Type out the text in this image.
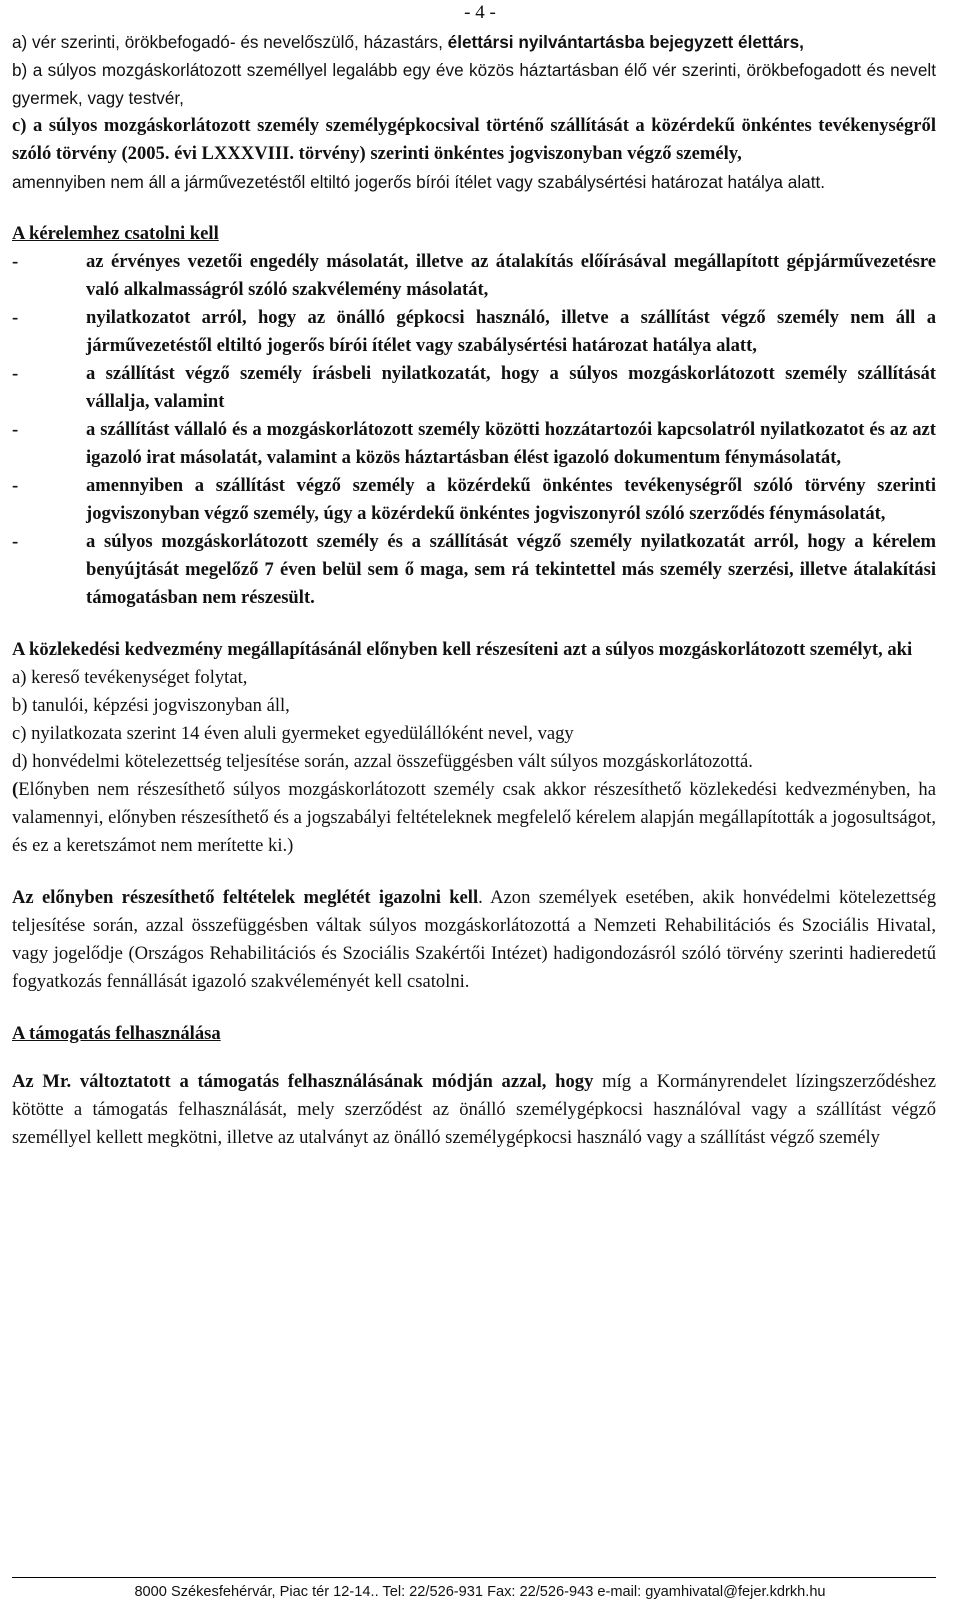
- 4 -

a) vér szerinti, örökbefogadó- és nevelőszülő, házastárs, élettársi nyilvántartásba bejegyzett élettárs,

b) a súlyos mozgáskorlátozott személlyel legalább egy éve közös háztartásban élő vér szerinti, örökbefogadott és nevelt gyermek, vagy testvér,

c) a súlyos mozgáskorlátozott személy személygépkocsival történő szállítását a közérdekű önkéntes tevékenységről szóló törvény (2005. évi LXXXVIII. törvény) szerinti önkéntes jogviszonyban végző személy,

amennyiben nem áll a járművezetéstől eltiltó jogerős bírói ítélet vagy szabálysértési határozat hatálya alatt.

A kérelemhez csatolni kell

-	az érvényes vezetői engedély másolatát, illetve az átalakítás előírásával megállapított gépjárművezetésre való alkalmasságról szóló szakvélemény másolatát,
-	nyilatkozatot arról, hogy az önálló gépkocsi használó, illetve a szállítást végző személy nem áll a járművezetéstől eltiltó jogerős bírói ítélet vagy szabálysértési határozat hatálya alatt,
-	a szállítást végző személy írásbeli nyilatkozatát, hogy a súlyos mozgáskorlátozott személy szállítását vállalja, valamint
-	a szállítást vállaló és a mozgáskorlátozott személy közötti hozzátartozói kapcsolatról nyilatkozatot és az azt igazoló irat másolatát, valamint a közös háztartásban élést igazoló dokumentum fénymásolatát,
-	amennyiben a szállítást végző személy a közérdekű önkéntes tevékenységről szóló törvény szerinti jogviszonyban végző személy, úgy a közérdekű önkéntes jogviszonyról szóló szerződés fénymásolatát,
-	a súlyos mozgáskorlátozott személy és a szállítását végző személy nyilatkozatát arról, hogy a kérelem benyújtását megelőző 7 éven belül sem ő maga, sem rá tekintettel más személy szerzési, illetve átalakítási támogatásban nem részesült.

A közlekedési kedvezmény megállapításánál előnyben kell részesíteni azt a súlyos mozgáskorlátozott személyt, aki

a) kereső tevékenységet folytat,

b) tanulói, képzési jogviszonyban áll,

c) nyilatkozata szerint 14 éven aluli gyermeket egyedülállóként nevel, vagy

d) honvédelmi kötelezettség teljesítése során, azzal összefüggésben vált súlyos mozgáskorlátozottá.

(Előnyben nem részesíthető súlyos mozgáskorlátozott személy csak akkor részesíthető közlekedési kedvezményben, ha valamennyi, előnyben részesíthető és a jogszabályi feltételeknek megfelelő kérelem alapján megállapították a jogosultságot, és ez a keretszámot nem merítette ki.)

Az előnyben részesíthető feltételek meglétét igazolni kell. Azon személyek esetében, akik honvédelmi kötelezettség teljesítése során, azzal összefüggésben váltak súlyos mozgáskorlátozottá a Nemzeti Rehabilitációs és Szociális Hivatal, vagy jogelődje (Országos Rehabilitációs és Szociális Szakértői Intézet) hadigondozásról szóló törvény szerinti hadieredetű fogyatkozás fennállását igazoló szakvéleményét kell csatolni.

A támogatás felhasználása

Az Mr. változtatott a támogatás felhasználásának módján azzal, hogy míg a Kormányrendelet lízingszerződéshez kötötte a támogatás felhasználását, mely szerződést az önálló személygépkocsi használóval vagy a szállítást végző személlyel kellett megkötni, illetve az utalványt az önálló személygépkocsi használó vagy a szállítást végző személy

8000 Székesfehérvár, Piac tér 12-14.. Tel: 22/526-931 Fax: 22/526-943 e-mail: gyamhivatal@fejer.kdrkh.hu
